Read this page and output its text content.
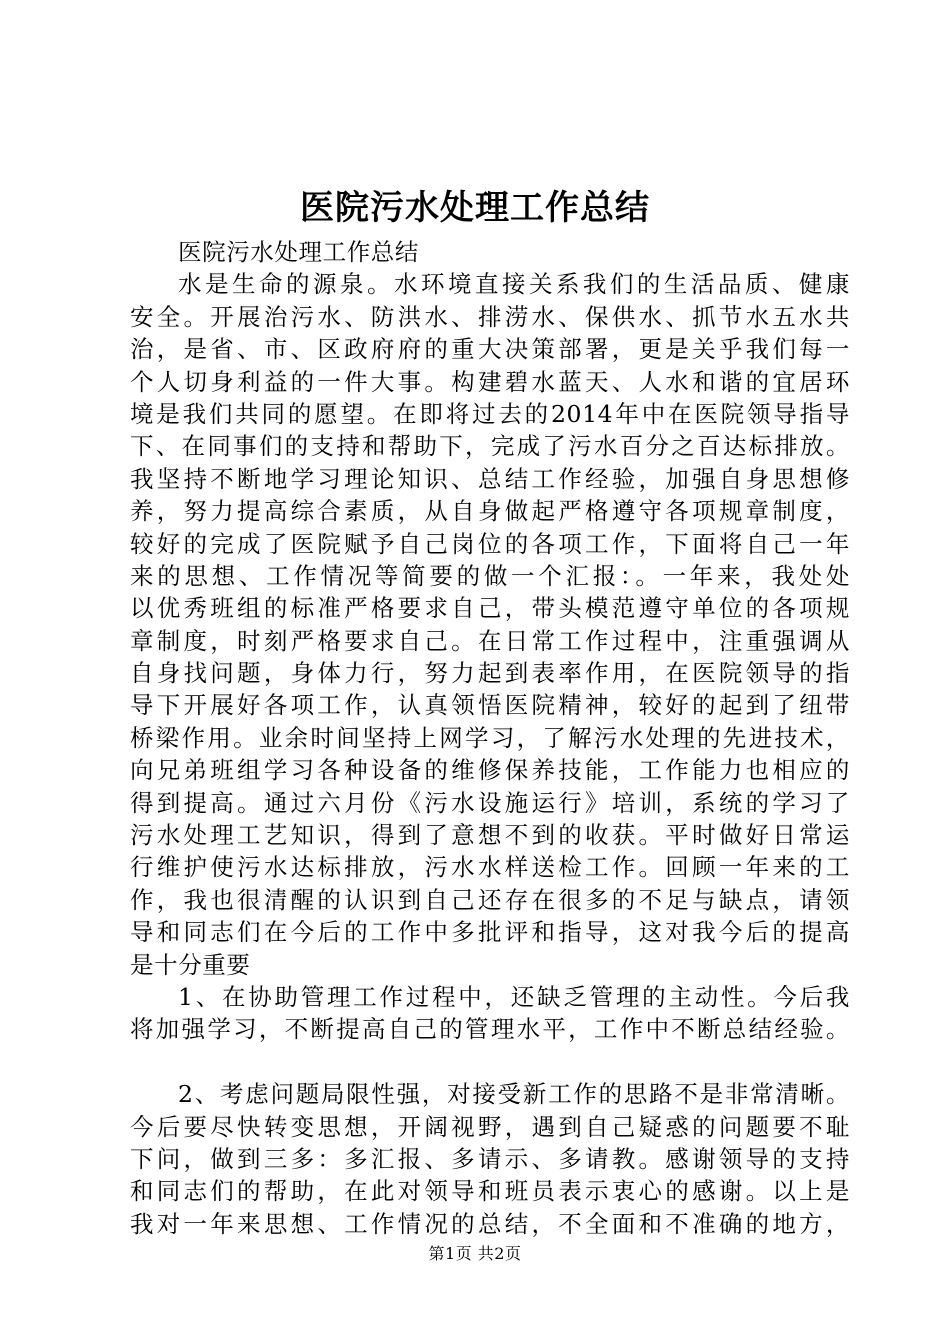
医院污水处理工作总结
医院污水处理工作总结
水是生命的源泉。水环境直接关系我们的生活品质、健康
安全。开展治污水、防洪水、排涝水、保供水、抓节水五水共
治，是省、市、区政府府的重大决策部署，更是关乎我们每一
个人切身利益的一件大事。构建碧水蓝天、人水和谐的宜居环
境是我们共同的愿望。在即将过去的2014年中在医院领导指导
下、在同事们的支持和帮助下，完成了污水百分之百达标排放。
我坚持不断地学习理论知识、总结工作经验，加强自身思想修
养，努力提高综合素质，从自身做起严格遵守各项规章制度，
较好的完成了医院赋予自己岗位的各项工作，下面将自己一年
来的思想、工作情况等简要的做一个汇报：。一年来，我处处
以优秀班组的标准严格要求自己，带头模范遵守单位的各项规
章制度，时刻严格要求自己。在日常工作过程中，注重强调从
自身找问题，身体力行，努力起到表率作用，在医院领导的指
导下开展好各项工作，认真领悟医院精神，较好的起到了纽带
桥梁作用。业余时间坚持上网学习，了解污水处理的先进技术，
向兄弟班组学习各种设备的维修保养技能，工作能力也相应的
得到提高。通过六月份《污水设施运行》培训，系统的学习了
污水处理工艺知识，得到了意想不到的收获。平时做好日常运
行维护使污水达标排放，污水水样送检工作。回顾一年来的工
作，我也很清醒的认识到自己还存在很多的不足与缺点，请领
导和同志们在今后的工作中多批评和指导，这对我今后的提高
是十分重要
1、在协助管理工作过程中，还缺乏管理的主动性。今后我
将加强学习，不断提高自己的管理水平，工作中不断总结经验。
2、考虑问题局限性强，对接受新工作的思路不是非常清晰。
今后要尽快转变思想，开阔视野，遇到自己疑惑的问题要不耻
下问，做到三多：多汇报、多请示、多请教。感谢领导的支持
和同志们的帮助，在此对领导和班员表示衷心的感谢。以上是
我对一年来思想、工作情况的总结，不全面和不准确的地方，
第1页 共2页
